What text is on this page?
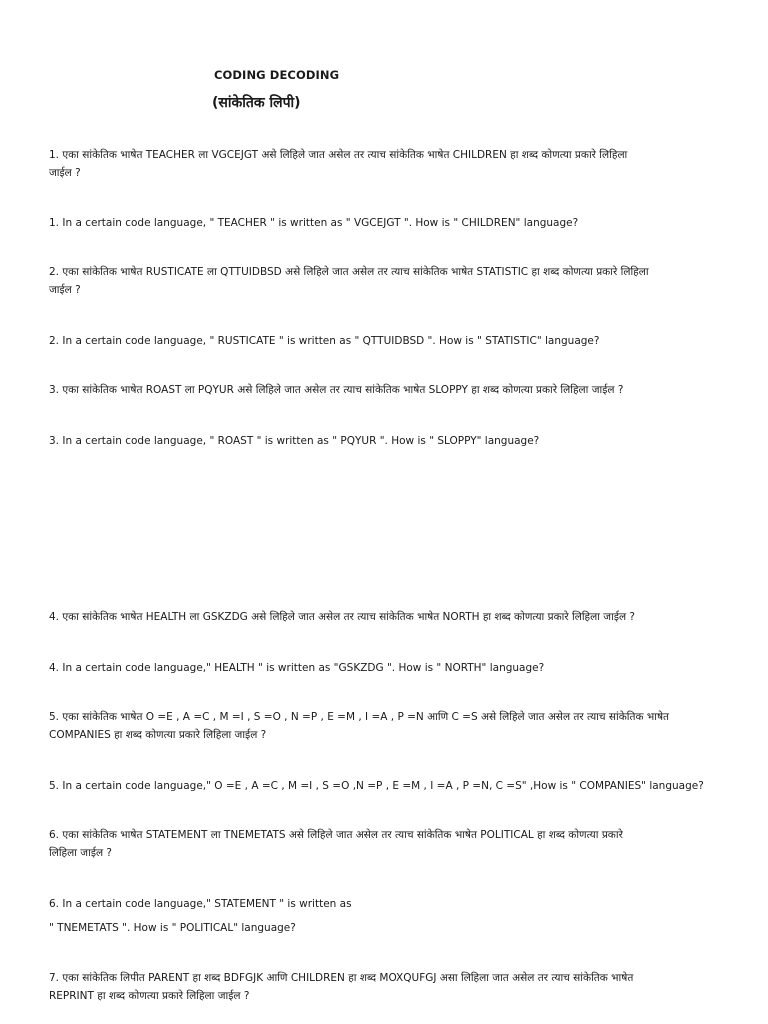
CODING DECODING
(सांकेतिक लिपी)
1. एका सांकेतिक भाषेत TEACHER ला VGCEJGT असे लिहिले जात असेल तर त्याच सांकेतिक भाषेत CHILDREN हा शब्द कोणत्या प्रकारे लिहिला
जाईल ?
1. In a certain code language, " TEACHER " is written as " VGCEJGT ". How is " CHILDREN" language?
2. एका सांकेतिक भाषेत RUSTICATE ला QTTUIDBSD असे लिहिले जात असेल तर त्याच सांकेतिक भाषेत STATISTIC हा शब्द कोणत्या प्रकारे लिहिला
जाईल ?
2. In a certain code language, " RUSTICATE " is written as " QTTUIDBSD ". How is " STATISTIC" language?
3. एका सांकेतिक भाषेत ROAST ला PQYUR असे लिहिले जात असेल तर त्याच सांकेतिक भाषेत SLOPPY हा शब्द कोणत्या प्रकारे लिहिला जाईल ?
3. In a certain code language, " ROAST " is written as " PQYUR ". How is " SLOPPY" language?
4. एका सांकेतिक भाषेत HEALTH ला GSKZDG असे लिहिले जात असेल तर त्याच सांकेतिक भाषेत NORTH हा शब्द कोणत्या प्रकारे लिहिला जाईल ?
4. In a certain code language," HEALTH " is written as "GSKZDG ". How is " NORTH" language?
5. एका सांकेतिक भाषेत O =E , A =C , M =I , S =O , N =P , E =M , I =A , P =N आणि C =S असे लिहिले जात असेल तर त्याच सांकेतिक भाषेत
COMPANIES हा शब्द कोणत्या प्रकारे लिहिला जाईल ?
5. In a certain code language," O =E , A =C , M =I , S =O ,N =P , E =M , I =A , P =N, C =S" ,How is " COMPANIES" language?
6. एका सांकेतिक भाषेत STATEMENT ला TNEMETATS असे लिहिले जात असेल तर त्याच सांकेतिक भाषेत POLITICAL हा शब्द कोणत्या प्रकारे
लिहिला जाईल ?
6. In a certain code language," STATEMENT " is written as
" TNEMETATS ". How is " POLITICAL" language?
7. एका सांकेतिक लिपीत PARENT हा शब्द BDFGJK आणि CHILDREN हा शब्द MOXQUFGJ असा लिहिला जात असेल तर त्याच सांकेतिक भाषेत
REPRINT हा शब्द कोणत्या प्रकारे लिहिला जाईल ?
